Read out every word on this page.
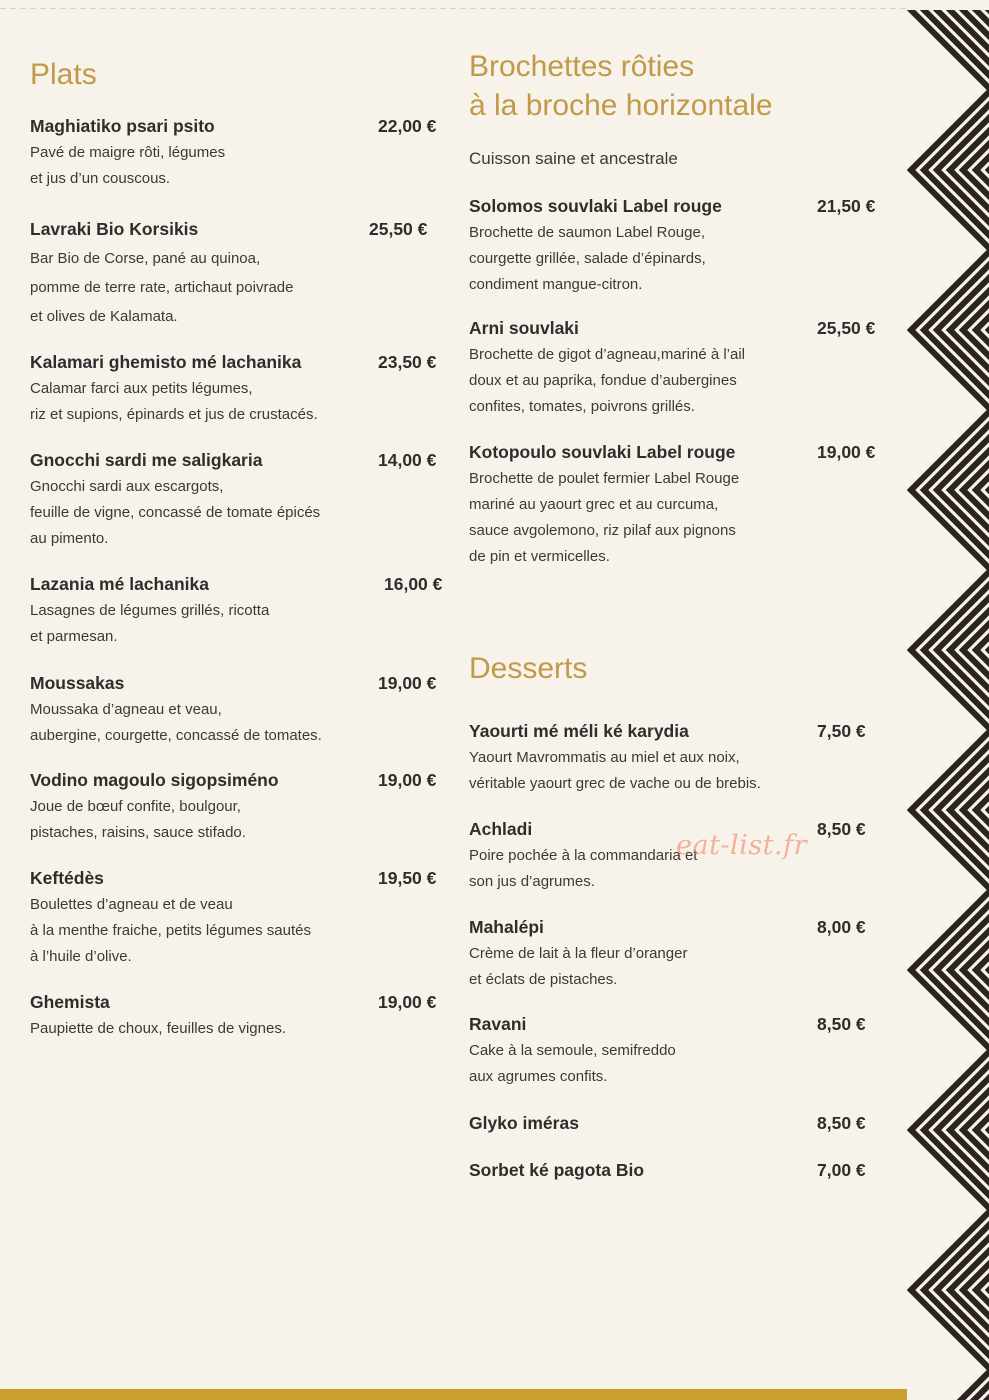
Plats
Maghiatiko psari psito	22,00 €
Pavé de maigre rôti, légumes
et jus d’un couscous.
Lavraki Bio Korsikis	25,50 €
Bar Bio de Corse, pané au quinoa,
pomme de terre rate, artichaut poivrade
et olives de Kalamata.
Kalamari ghemisto mé lachanika	23,50 €
Calamar farci aux petits légumes,
riz et supions, épinards et jus de crustacés.
Gnocchi sardi me saligkaria	14,00 €
Gnocchi sardi aux escargots,
feuille de vigne, concassé de tomate épicés
au pimento.
Lazania mé lachanika	16,00 €
Lasagnes de légumes grillés, ricotta
et parmesan.
Moussakas	19,00 €
Moussaka d’agneau et veau,
aubergine, courgette, concassé de tomates.
Vodino magoulo sigopsiméno	19,00 €
Joue de bœuf confite, boulgour,
pistaches, raisins, sauce stifado.
Keftédès	19,50 €
Boulettes d’agneau et de veau
à la menthe fraiche, petits légumes sautés
à l’huile d’olive.
Ghemista	19,00 €
Paupiette de choux, feuilles de vignes.
Brochettes rôties
à la broche horizontale
Cuisson saine et ancestrale
Solomos souvlaki Label rouge	21,50 €
Brochette de saumon Label Rouge,
courgette grillée, salade d’épinards,
condiment mangue-citron.
Arni souvlaki	25,50 €
Brochette de gigot d’agneau,mariné à l’ail
doux et au paprika, fondue d’aubergines
confites, tomates, poivrons grillés.
Kotopoulo souvlaki Label rouge	19,00 €
Brochette de poulet fermier Label Rouge
mariné au yaourt grec et au curcuma,
sauce avgolemono, riz pilaf aux pignons
de pin et vermicelles.
Desserts
Yaourti mé méli ké karydia	7,50 €
Yaourt Mavrommatis au miel et aux noix,
véritable yaourt grec de vache ou de brebis.
Achladi	8,50 €
Poire pochée à la commandaria et
son jus d’agrumes.
Mahalépi	8,00 €
Crème de lait à la fleur d’oranger
et éclats de pistaches.
Ravani	8,50 €
Cake à la semoule, semifreddo
aux agrumes confits.
Glyko iméras	8,50 €
Sorbet ké pagota Bio	7,00 €
eat-list.fr
